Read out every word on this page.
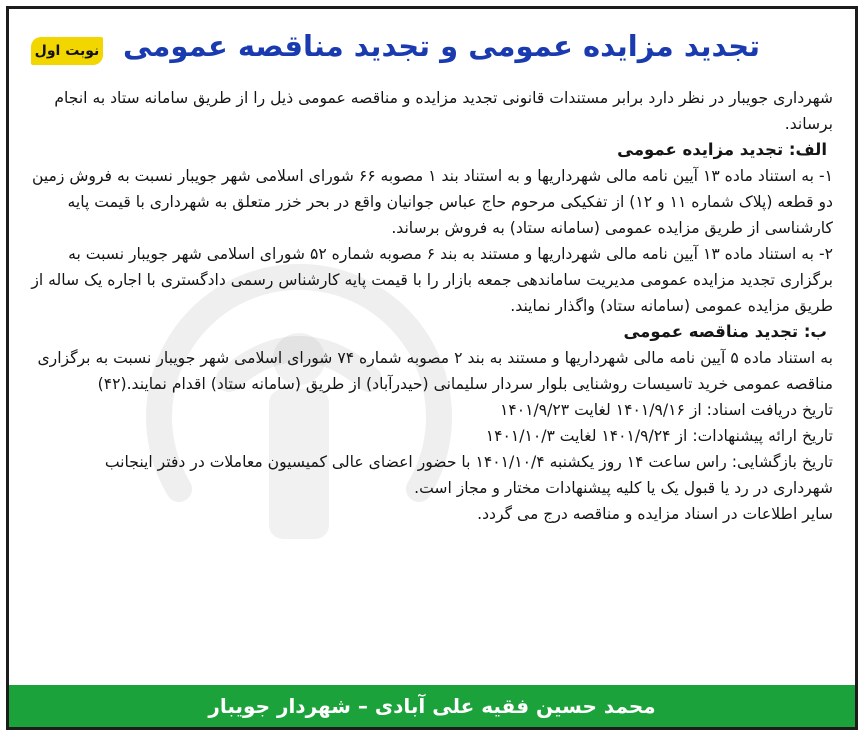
نوبت اول تجدید مزایده عمومی و تجدید مناقصه عمومی

شهرداری جویبار در نظر دارد برابر مستندات قانونی تجدید مزایده و مناقصه عمومی ذیل را از طریق سامانه ستاد به انجام برساند.

الف: تجدید مزایده عمومی

۱- به استناد ماده ۱۳ آیین نامه مالی شهرداریها و به استناد بند ۱ مصوبه ۶۶ شورای اسلامی شهر جویبار نسبت به فروش زمین دو قطعه (پلاک شماره ۱۱ و ۱۲) از تفکیکی مرحوم حاج عباس جوانیان واقع در بحر خزر متعلق به شهرداری با قیمت پایه کارشناسی از طریق مزایده عمومی (سامانه ستاد) به فروش برساند.

۲- به استناد ماده ۱۳ آیین نامه مالی شهرداریها و مستند به بند ۶ مصوبه شماره ۵۲ شورای اسلامی شهر جویبار نسبت به برگزاری تجدید مزایده عمومی مدیریت ساماندهی جمعه بازار را با قیمت پایه کارشناس رسمی دادگستری با اجاره یک ساله از طریق مزایده عمومی (سامانه ستاد) واگذار نمایند.

ب: تجدید مناقصه عمومی

به استناد ماده ۵ آیین نامه مالی شهرداریها و مستند به بند ۲ مصوبه شماره ۷۴ شورای اسلامی شهر جویبار نسبت به برگزاری مناقصه عمومی خرید تاسیسات روشنایی بلوار سردار سلیمانی (حیدرآباد) از طریق (سامانه ستاد) اقدام نمایند.(۴۲)

تاریخ دریافت اسناد: از ۱۴۰۱/۹/۱۶ لغایت ۱۴۰۱/۹/۲۳

تاریخ ارائه پیشنهادات: از ۱۴۰۱/۹/۲۴ لغایت ۱۴۰۱/۱۰/۳

تاریخ بازگشایی: راس ساعت ۱۴ روز یکشنبه ۱۴۰۱/۱۰/۴ با حضور اعضای عالی کمیسیون معاملات در دفتر اینجانب

شهرداری در رد یا قبول یک یا کلیه پیشنهادات مختار و مجاز است.

سایر اطلاعات در اسناد مزایده و مناقصه درج می گردد.

محمد حسین فقیه علی آبادی – شهردار جویبار
